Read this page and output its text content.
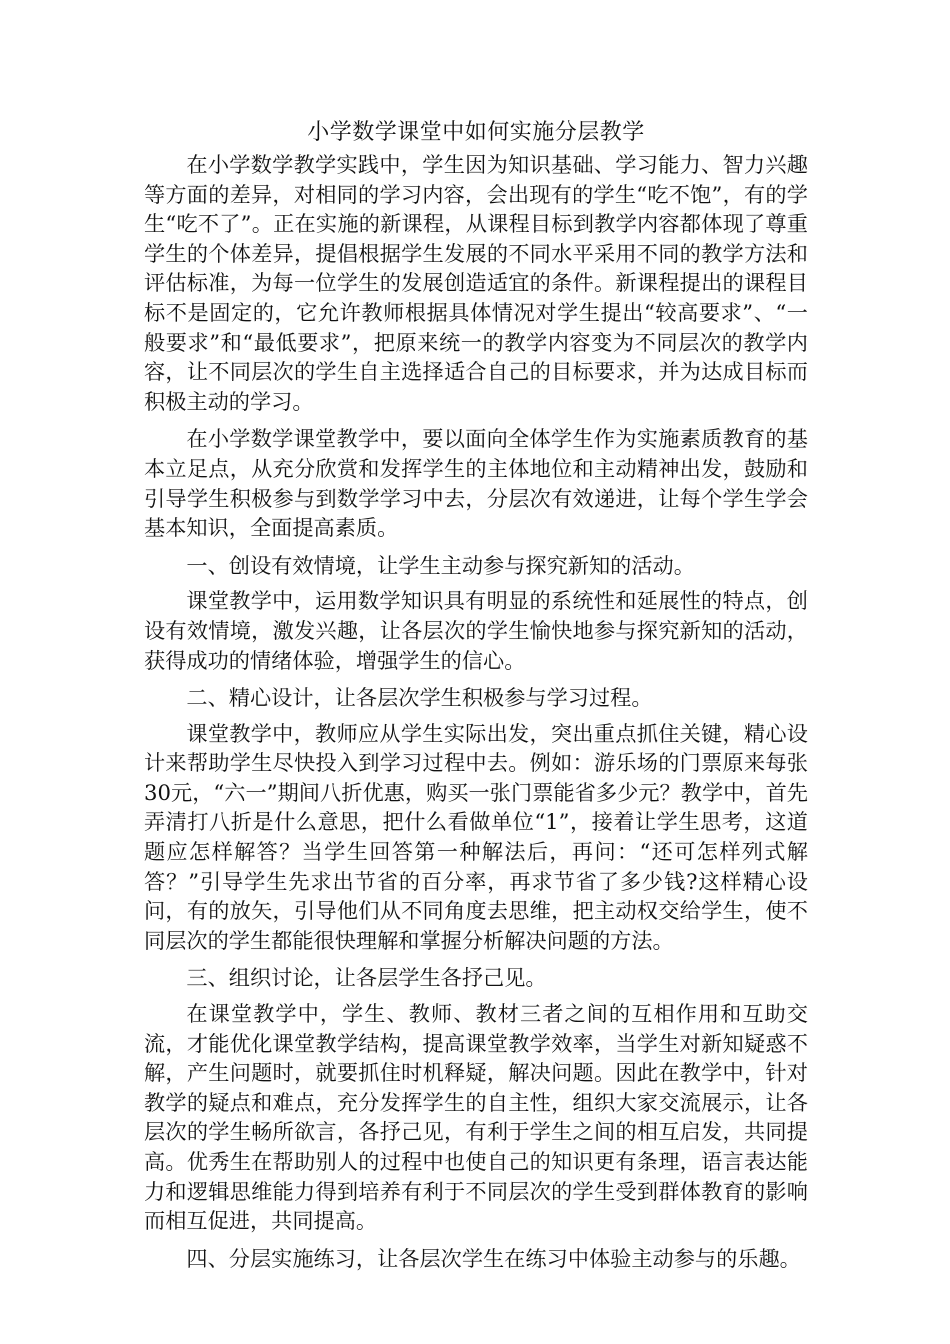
小学数学课堂中如何实施分层教学

在小学数学教学实践中，学生因为知识基础、学习能力、智力兴趣等方面的差异，对相同的学习内容，会出现有的学生“吃不饱”，有的学生“吃不了”。正在实施的新课程，从课程目标到教学内容都体现了尊重学生的个体差异，提倡根据学生发展的不同水平采用不同的教学方法和评估标准，为每一位学生的发展创造适宜的条件。新课程提出的课程目标不是固定的，它允许教师根据具体情况对学生提出“较高要求”、“一般要求”和“最低要求”，把原来统一的教学内容变为不同层次的教学内容，让不同层次的学生自主选择适合自己的目标要求，并为达成目标而积极主动的学习。

在小学数学课堂教学中，要以面向全体学生作为实施素质教育的基本立足点，从充分欣赏和发挥学生的主体地位和主动精神出发，鼓励和引导学生积极参与到数学学习中去，分层次有效递进，让每个学生学会基本知识，全面提高素质。

一、创设有效情境，让学生主动参与探究新知的活动。

课堂教学中，运用数学知识具有明显的系统性和延展性的特点，创设有效情境，激发兴趣，让各层次的学生愉快地参与探究新知的活动，获得成功的情绪体验，增强学生的信心。

二、精心设计，让各层次学生积极参与学习过程。

课堂教学中，教师应从学生实际出发，突出重点抓住关键，精心设计来帮助学生尽快投入到学习过程中去。例如：游乐场的门票原来每张30元，“六一”期间八折优惠，购买一张门票能省多少元？教学中，首先弄清打八折是什么意思，把什么看做单位“1”，接着让学生思考，这道题应怎样解答？当学生回答第一种解法后，再问：“还可怎样列式解答？”引导学生先求出节省的百分率，再求节省了多少钱?这样精心设问，有的放矢，引导他们从不同角度去思维，把主动权交给学生，使不同层次的学生都能很快理解和掌握分析解决问题的方法。

三、组织讨论，让各层学生各抒己见。

在课堂教学中，学生、教师、教材三者之间的互相作用和互助交流，才能优化课堂教学结构，提高课堂教学效率，当学生对新知疑惑不解，产生问题时，就要抓住时机释疑，解决问题。因此在教学中，针对教学的疑点和难点，充分发挥学生的自主性，组织大家交流展示，让各层次的学生畅所欲言，各抒己见，有利于学生之间的相互启发，共同提高。优秀生在帮助别人的过程中也使自己的知识更有条理，语言表达能力和逻辑思维能力得到培养有利于不同层次的学生受到群体教育的影响而相互促进，共同提高。

四、分层实施练习，让各层次学生在练习中体验主动参与的乐趣。
